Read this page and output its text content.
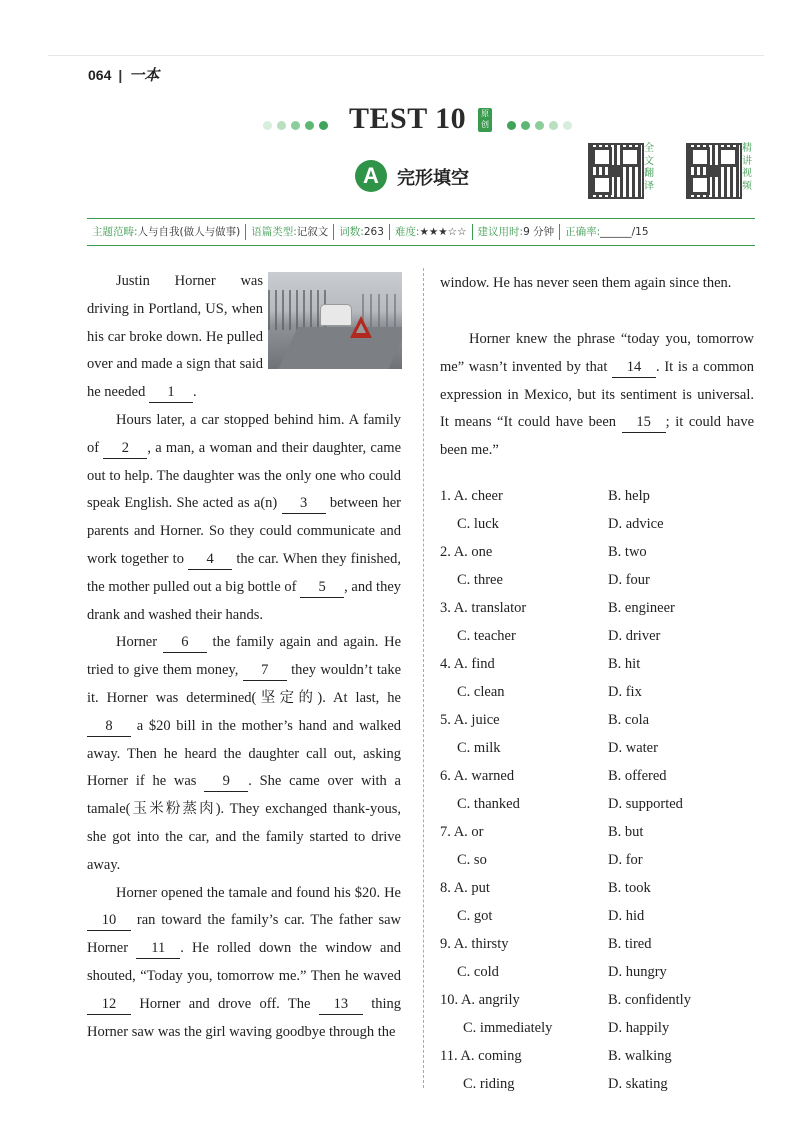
064 | 一本
TEST 10	原创
A	完形填空
全文翻译
精讲视频
主题范畴:人与自我(做人与做事)	语篇类型:记叙文	词数:263	难度:★★★☆☆	建议用时:9 分钟	正确率:______/15

Justin Horner was driving in Portland, US, when his car broke down. He pulled over and made a sign that said he needed 1 .

Hours later, a car stopped behind him. A family of 2 , a man, a woman and their daughter, came out to help. The daughter was the only one who could speak English. She acted as a(n) 3 between her parents and Horner. So they could communicate and work together to 4 the car. When they finished, the mother pulled out a big bottle of 5 , and they drank and washed their hands.

Horner 6 the family again and again. He tried to give them money, 7 they wouldn’t take it. Horner was determined(坚定的). At last, he 8 a $20 bill in the mother’s hand and walked away. Then he heard the daughter call out, asking Horner if he was 9 . She came over with a tamale(玉米粉蒸肉). They exchanged thank-yous, she got into the car, and the family started to drive away.

Horner opened the tamale and found his $20. He 10 ran toward the family’s car. The father saw Horner 11 . He rolled down the window and shouted, “Today you, tomorrow me.” Then he waved 12 Horner and drove off. The 13 thing Horner saw was the girl waving goodbye through the

window. He has never seen them again since then.

Horner knew the phrase “today you, tomorrow me” wasn’t invented by that 14 . It is a common expression in Mexico, but its sentiment is universal. It means “It could have been 15 ; it could have been me.”

1. A. cheer	B. help
C. luck	D. advice
2. A. one	B. two
C. three	D. four
3. A. translator	B. engineer
C. teacher	D. driver
4. A. find	B. hit
C. clean	D. fix
5. A. juice	B. cola
C. milk	D. water
6. A. warned	B. offered
C. thanked	D. supported
7. A. or	B. but
C. so	D. for
8. A. put	B. took
C. got	D. hid
9. A. thirsty	B. tired
C. cold	D. hungry
10. A. angrily	B. confidently
C. immediately	D. happily
11. A. coming	B. walking
C. riding	D. skating
